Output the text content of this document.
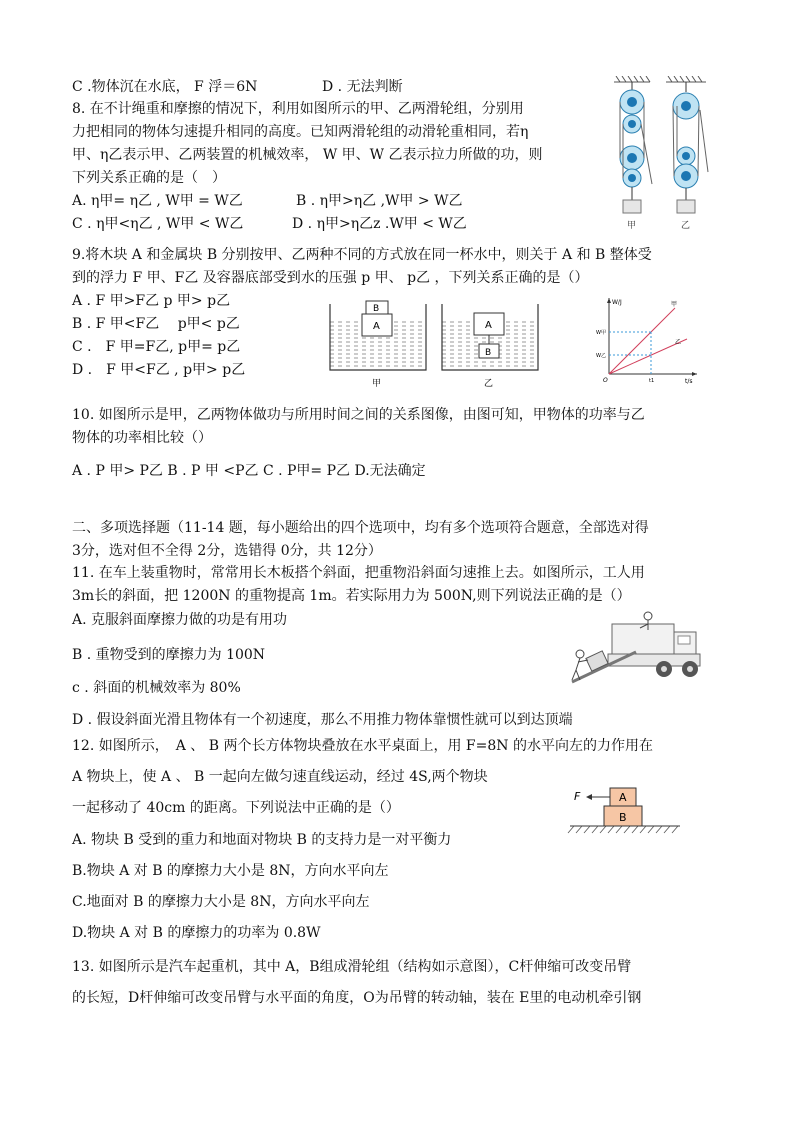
C .物体沉在水底， F 浮＝6N	D . 无法判断
8. 在不计绳重和摩擦的情况下，利用如图所示的甲、乙两滑轮组，分别用
力把相同的物体匀速提升相同的高度。已知两滑轮组的动滑轮重相同，若η
甲、η乙表示甲、乙两装置的机械效率， W 甲、W 乙表示拉力所做的功，则
下列关系正确的是（　）
A. η甲= η乙 , W甲 = W乙	B . η甲>η乙 ,W甲 > W乙
C . η甲<η乙 , W甲 < W乙	D . η甲>η乙z .W甲 < W乙	甲	乙
9.将木块 A 和金属块 B 分别按甲、乙两种不同的方式放在同一杯水中，则关于 A 和 B 整体受
到的浮力 F 甲、F乙 及容器底部受到水的压强 p 甲、 p乙 ，下列关系正确的是（）
A . F 甲>F乙 p 甲> p乙
B . F 甲<F乙　 p甲< p乙
C .　F 甲=F乙, p甲= p乙
D .　F 甲<F乙 , p甲> p乙
A
B
甲
A
B
乙
W/J
t/s
O
W甲
W乙
t1
甲
乙
10. 如图所示是甲，乙两物体做功与所用时间之间的关系图像，由图可知，甲物体的功率与乙
物体的功率相比较（）
A . P 甲> P乙 B . P 甲 <P乙 C . P甲= P乙 D.无法确定
二、多项选择题（11-14 题，每小题给出的四个选项中，均有多个选项符合题意，全部选对得
3分，选对但不全得 2分，选错得 0分，共 12分）
11. 在车上装重物时，常常用长木板搭个斜面，把重物沿斜面匀速推上去。如图所示，工人用
3m长的斜面，把 1200N 的重物提高 1m。若实际用力为 500N,则下列说法正确的是（）
A. 克服斜面摩擦力做的功是有用功
B . 重物受到的摩擦力为 100N
c . 斜面的机械效率为 80%
D . 假设斜面光滑且物体有一个初速度，那么不用推力物体靠惯性就可以到达顶端
12. 如图所示，　A 、 B 两个长方体物块叠放在水平桌面上，用 F=8N 的水平向左的力作用在
A 物块上，使 A 、 B 一起向左做匀速直线运动，经过 4S,两个物块
一起移动了 40cm 的距离。下列说法中正确的是（）
A. 物块 B 受到的重力和地面对物块 B 的支持力是一对平衡力
B.物块 A 对 B 的摩擦力大小是 8N，方向水平向左
C.地面对 B 的摩擦力大小是 8N，方向水平向左
D.物块 A 对 B 的摩擦力的功率为 0.8W
A
B
F
13. 如图所示是汽车起重机，其中 A，B组成滑轮组（结构如示意图），C杆伸缩可改变吊臂
的长短，D杆伸缩可改变吊臂与水平面的角度，O为吊臂的转动轴，装在 E里的电动机牵引钢
